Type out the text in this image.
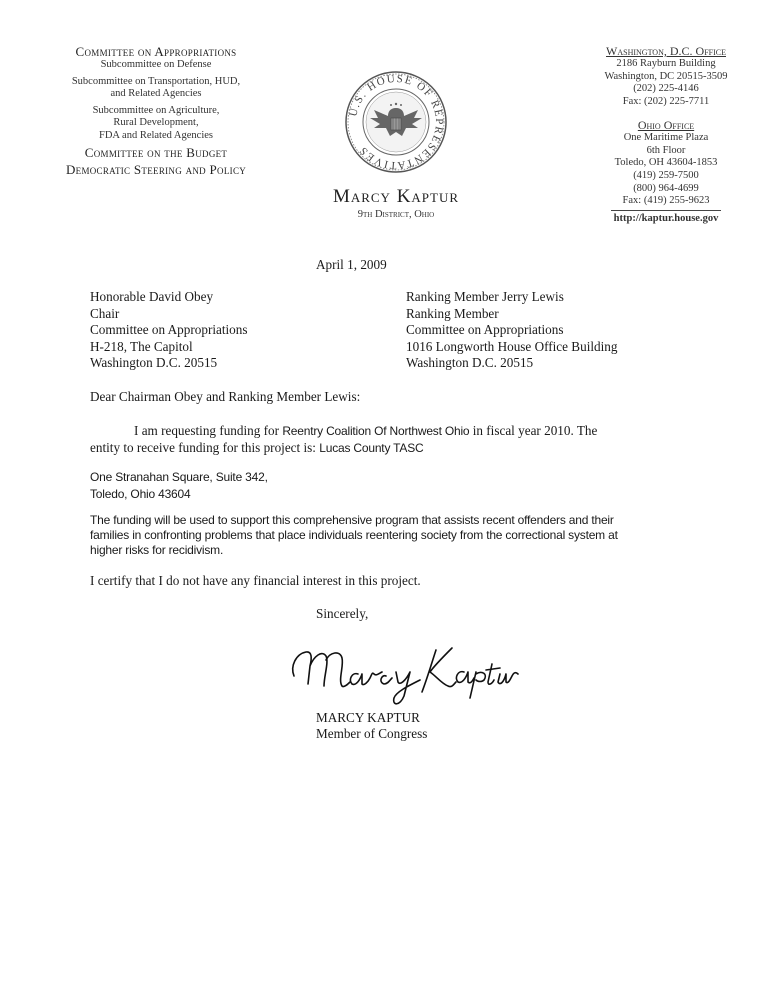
Committee on Appropriations
Subcommittee on Defense
Subcommittee on Transportation, HUD,
and Related Agencies
Subcommittee on Agriculture,
Rural Development,
FDA and Related Agencies
Committee on the Budget
Democratic Steering and Policy
U.S. HOUSE OF REPRESENTATIVES
Marcy Kaptur
9th District, Ohio
Washington, D.C. Office
2186 Rayburn Building
Washington, DC 20515-3509
(202) 225-4146
Fax: (202) 225-7711
Ohio Office
One Maritime Plaza
6th Floor
Toledo, OH 43604-1853
(419) 259-7500
(800) 964-4699
Fax: (419) 255-9623
http://kaptur.house.gov
April 1, 2009
Honorable David Obey
Chair
Committee on Appropriations
H-218, The Capitol
Washington D.C. 20515
Ranking Member Jerry Lewis
Ranking Member
Committee on Appropriations
1016 Longworth House Office Building
Washington D.C. 20515
Dear Chairman Obey and Ranking Member Lewis:
I am requesting funding for Reentry Coalition Of Northwest Ohio in fiscal year 2010. The
entity to receive funding for this project is: Lucas County TASC
One Stranahan Square, Suite 342,
Toledo, Ohio 43604
The funding will be used to support this comprehensive program that assists recent offenders and their
families in confronting problems that place individuals reentering society from the correctional system at
higher risks for recidivism.
I certify that I do not have any financial interest in this project.
Sincerely,
MARCY KAPTUR
Member of Congress
